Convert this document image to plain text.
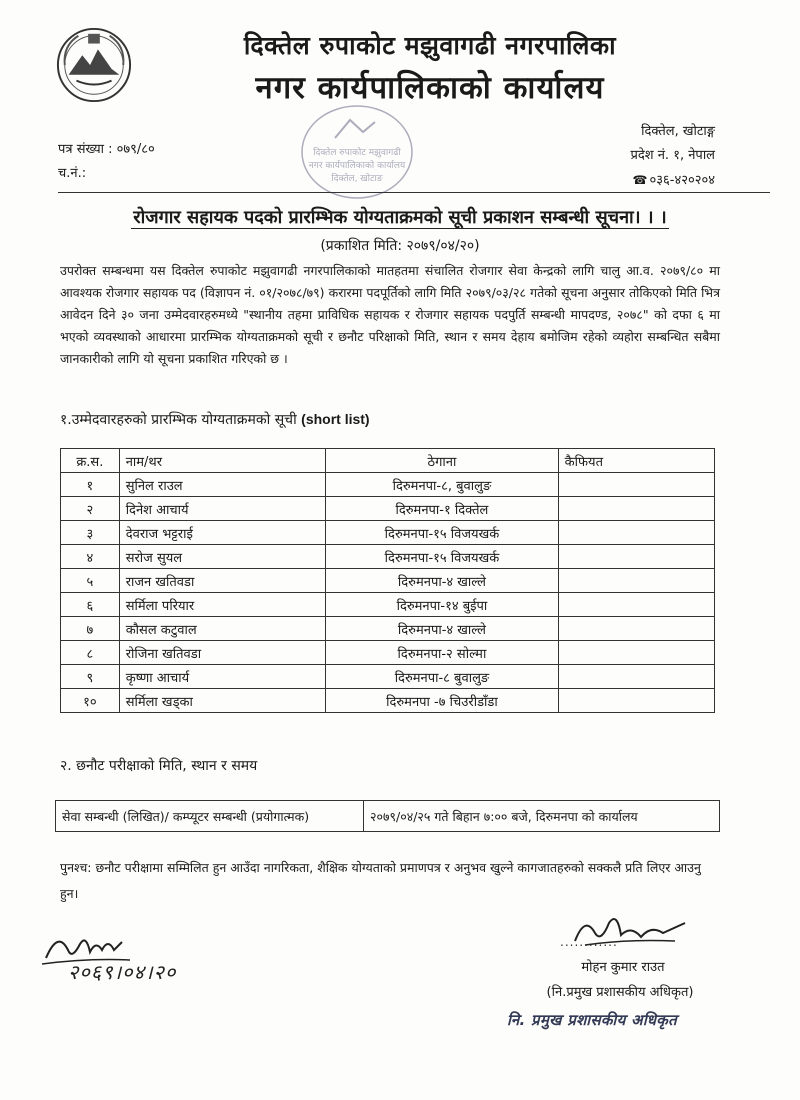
दिक्तेल रुपाकोट मझुवागढी नगरपालिका
नगर कार्यपालिकाको कार्यालय
दिक्तेल रुपाकोट मझुवागढी
नगर कार्यपालिकाको कार्यालय
दिक्तेल, खोटाङ
पत्र संख्या : ०७९/८०
च.नं.:
दिक्तेल, खोटाङ्ग
प्रदेश नं. १, नेपाल
☎ ०३६-४२०२०४
रोजगार सहायक पदको प्रारम्भिक योग्यताक्रमको सूची प्रकाशन सम्बन्धी सूचना। । ।
(प्रकाशित मिति: २०७९/०४/२०)
उपरोक्त सम्बन्धमा यस दिक्तेल रुपाकोट मझुवागढी नगरपालिकाको मातहतमा संचालित रोजगार सेवा केन्द्रको लागि चालु आ.व. २०७९/८० मा आवश्यक रोजगार सहायक पद (विज्ञापन नं. ०१/२०७८/७९) करारमा पदपूर्तिको लागि मिति २०७९/०३/२८ गतेको सूचना अनुसार तोकिएको मिति भित्र आवेदन दिने ३० जना उम्मेदवारहरुमध्ये "स्थानीय तहमा प्राविधिक सहायक र रोजगार सहायक पदपुर्ति सम्बन्धी मापदण्ड, २०७८" को दफा ६ मा भएको व्यवस्थाको आधारमा प्रारम्भिक योग्यताक्रमको सूची र छनौट परिक्षाको मिति, स्थान र समय देहाय बमोजिम रहेको व्यहोरा सम्बन्धित सबैमा जानकारीको लागि यो सूचना प्रकाशित गरिएको छ ।
१.उम्मेदवारहरुको प्रारम्भिक योग्यताक्रमको सूची (short list)
क्र.स.	नाम/थर	ठेगाना	कैफियत
१	सुनिल राउल	दिरुमनपा-८, बुवालुङ	
२	दिनेश आचार्य	दिरुमनपा-१ दिक्तेल	
३	देवराज भट्टराई	दिरुमनपा-१५ विजयखर्क	
४	सरोज सुयल	दिरुमनपा-१५ विजयखर्क	
५	राजन खतिवडा	दिरुमनपा-४ खाल्ले	
६	सर्मिला परियार	दिरुमनपा-१४ बुईपा	
७	कौसल कटुवाल	दिरुमनपा-४ खाल्ले	
८	रोजिना खतिवडा	दिरुमनपा-२ सोल्मा	
९	कृष्णा आचार्य	दिरुमनपा-८ बुवालुङ	
१०	सर्मिला खड्का	दिरुमनपा -७ चिउरीडाँडा	
२. छनौट परीक्षाको मिति, स्थान र समय
सेवा सम्बन्धी (लिखित)/ कम्प्यूटर सम्बन्धी (प्रयोगात्मक)	२०७९/०४/२५ गते बिहान ७:०० बजे, दिरुमनपा को कार्यालय
पुनश्च: छनौट परीक्षामा सम्मिलित हुन आउँदा नागरिकता, शैक्षिक योग्यताको प्रमाणपत्र र अनुभव खुल्ने कागजातहरुको सक्कलै प्रति लिएर आउनु हुन।
२०६९।०४।२०
............
मोहन कुमार राउत
(नि.प्रमुख प्रशासकीय अधिकृत)
नि. प्रमुख प्रशासकीय अधिकृत
